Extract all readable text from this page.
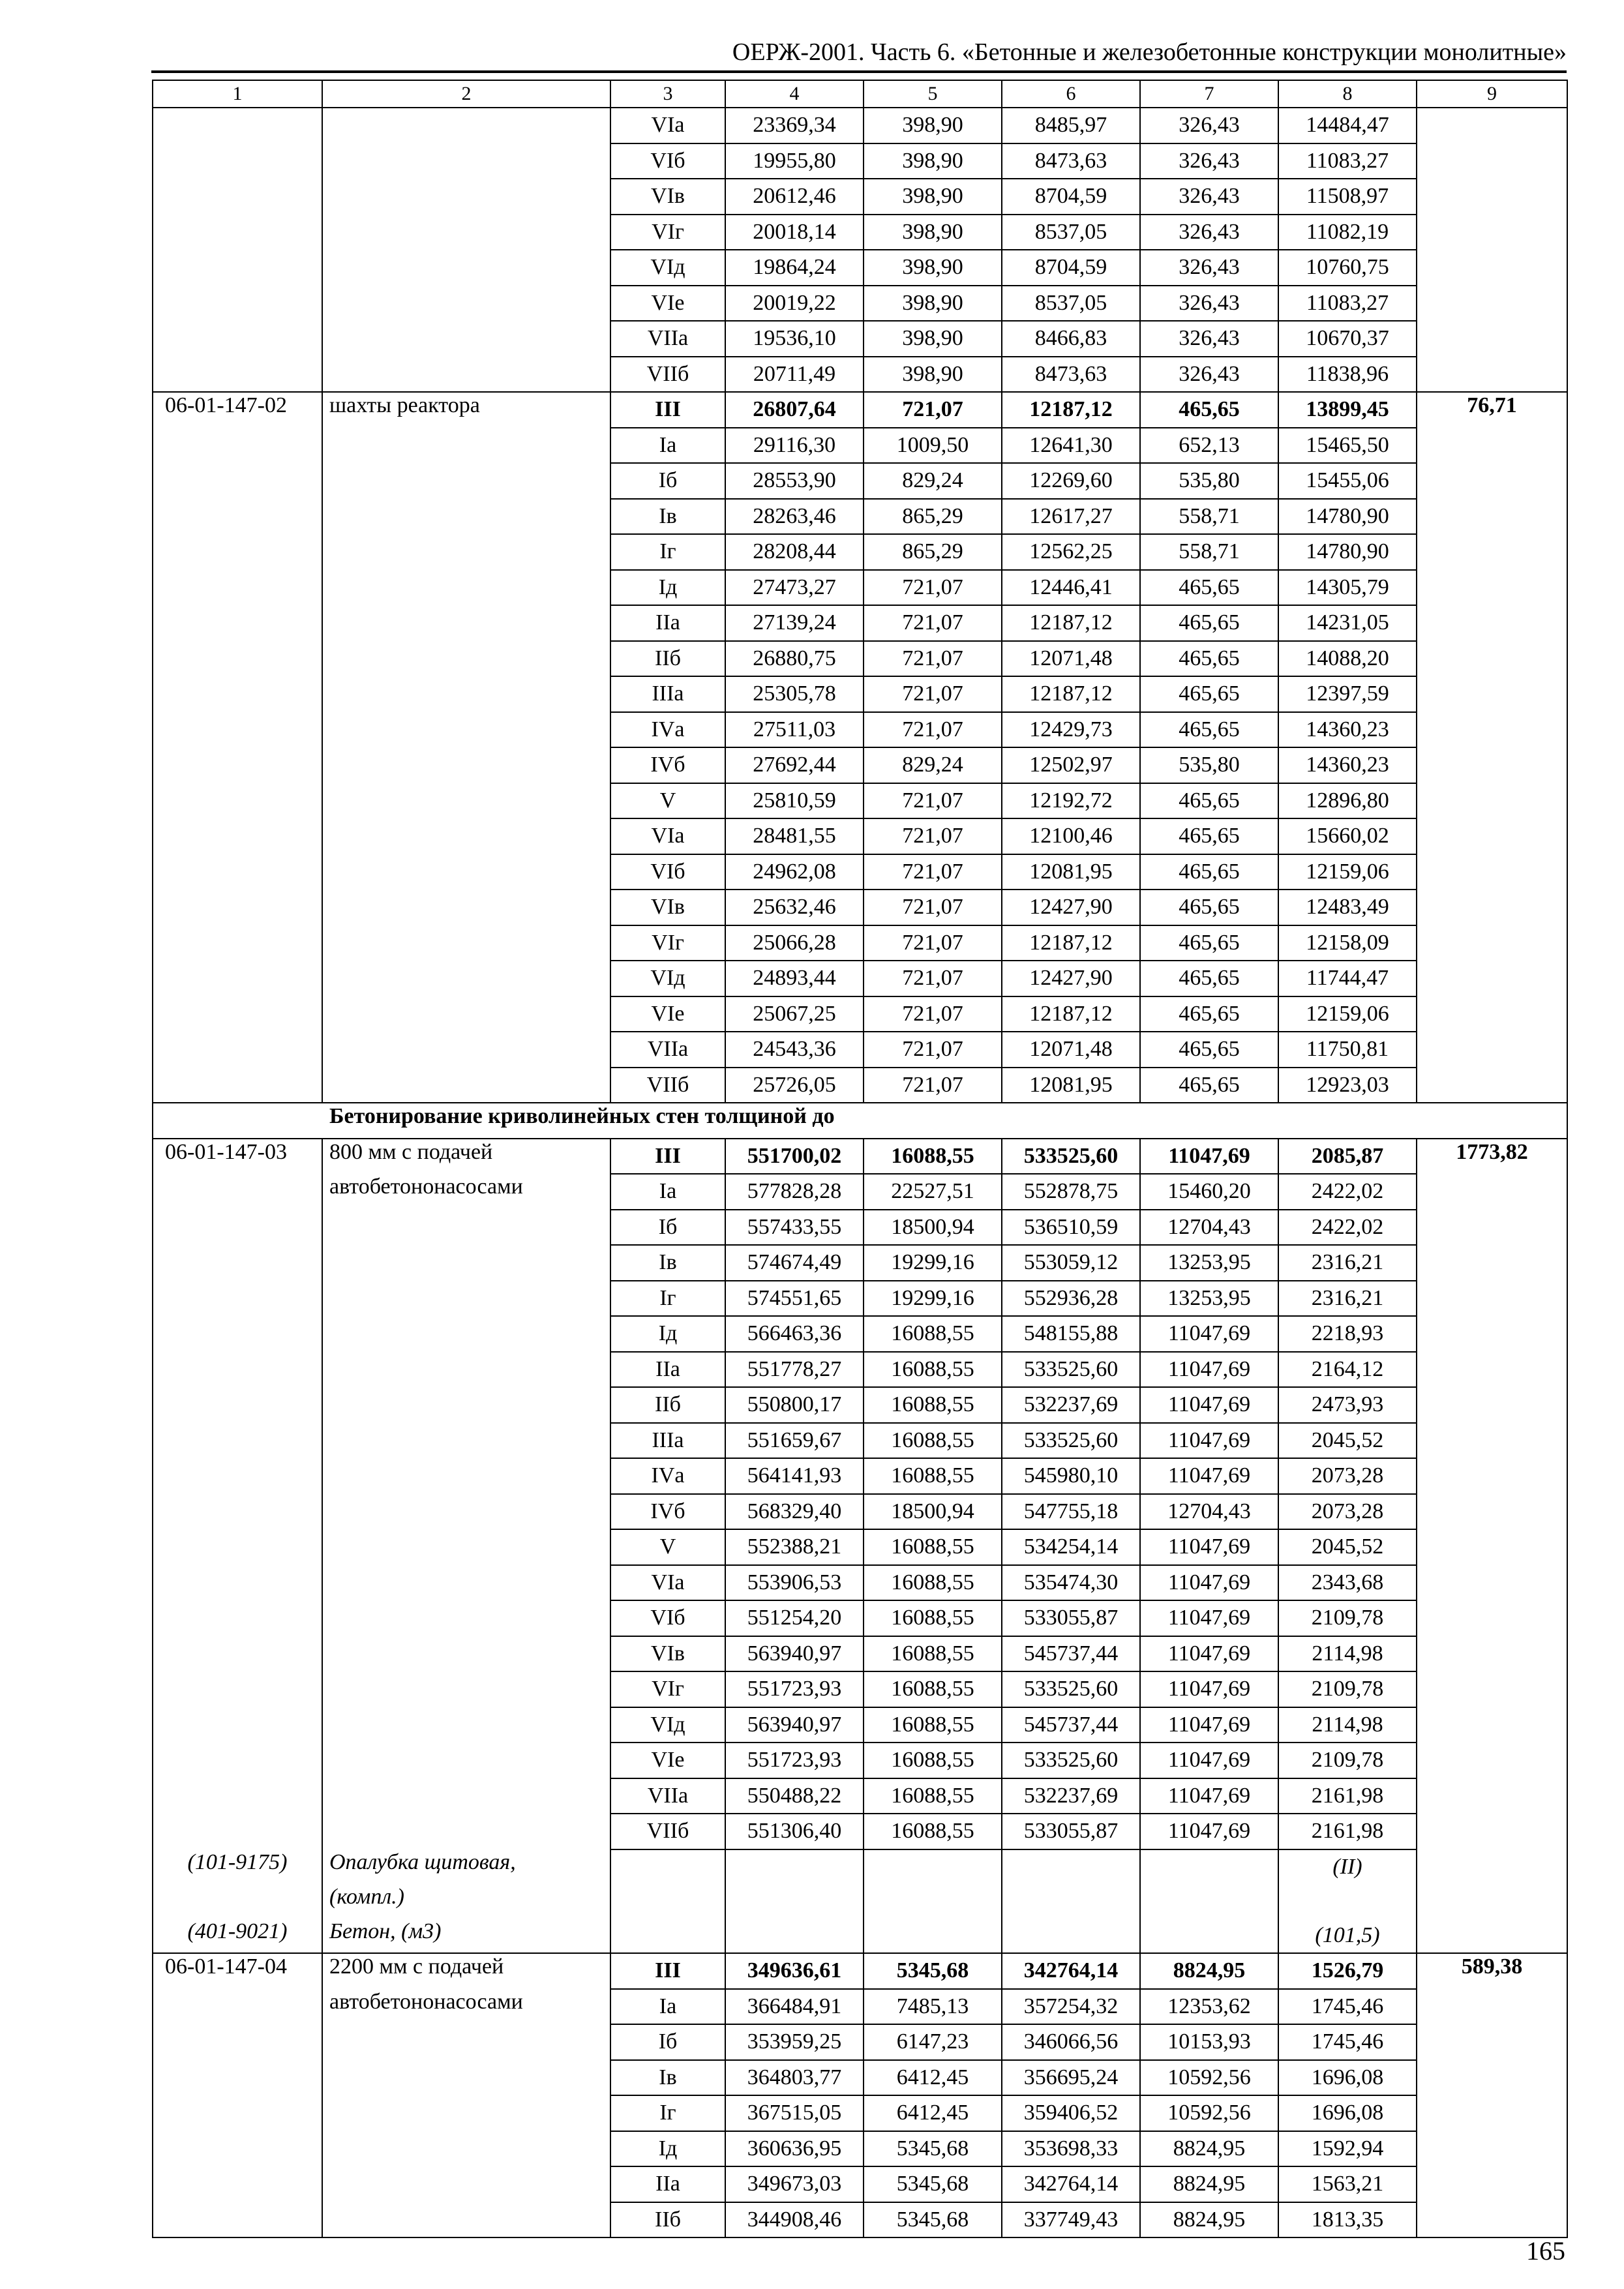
ОЕРЖ-2001. Часть 6. «Бетонные и железобетонные конструкции монолитные»
1	2	3	4	5	6	7	8	9
		VIа	23369,34	398,90	8485,97	326,43	14484,47	
		VIб	19955,80	398,90	8473,63	326,43	11083,27	
		VIв	20612,46	398,90	8704,59	326,43	11508,97	
		VIг	20018,14	398,90	8537,05	326,43	11082,19	
		VIд	19864,24	398,90	8704,59	326,43	10760,75	
		VIе	20019,22	398,90	8537,05	326,43	11083,27	
		VIIа	19536,10	398,90	8466,83	326,43	10670,37	
		VIIб	20711,49	398,90	8473,63	326,43	11838,96	
06-01-147-02	шахты реактора	III	26807,64	721,07	12187,12	465,65	13899,45	76,71
		Iа	29116,30	1009,50	12641,30	652,13	15465,50	
		Iб	28553,90	829,24	12269,60	535,80	15455,06	
		Iв	28263,46	865,29	12617,27	558,71	14780,90	
		Iг	28208,44	865,29	12562,25	558,71	14780,90	
		Iд	27473,27	721,07	12446,41	465,65	14305,79	
		IIа	27139,24	721,07	12187,12	465,65	14231,05	
		IIб	26880,75	721,07	12071,48	465,65	14088,20	
		IIIа	25305,78	721,07	12187,12	465,65	12397,59	
		IVа	27511,03	721,07	12429,73	465,65	14360,23	
		IVб	27692,44	829,24	12502,97	535,80	14360,23	
		V	25810,59	721,07	12192,72	465,65	12896,80	
		VIа	28481,55	721,07	12100,46	465,65	15660,02	
		VIб	24962,08	721,07	12081,95	465,65	12159,06	
		VIв	25632,46	721,07	12427,90	465,65	12483,49	
		VIг	25066,28	721,07	12187,12	465,65	12158,09	
		VIд	24893,44	721,07	12427,90	465,65	11744,47	
		VIе	25067,25	721,07	12187,12	465,65	12159,06	
		VIIа	24543,36	721,07	12071,48	465,65	11750,81	
		VIIб	25726,05	721,07	12081,95	465,65	12923,03	
Бетонирование криволинейных стен толщиной до								
06-01-147-03	800 мм с подачей	III	551700,02	16088,55	533525,60	11047,69	2085,87	1773,82
	автобетононасосами	Iа	577828,28	22527,51	552878,75	15460,20	2422,02	
		Iб	557433,55	18500,94	536510,59	12704,43	2422,02	
		Iв	574674,49	19299,16	553059,12	13253,95	2316,21	
		Iг	574551,65	19299,16	552936,28	13253,95	2316,21	
		Iд	566463,36	16088,55	548155,88	11047,69	2218,93	
		IIа	551778,27	16088,55	533525,60	11047,69	2164,12	
		IIб	550800,17	16088,55	532237,69	11047,69	2473,93	
		IIIа	551659,67	16088,55	533525,60	11047,69	2045,52	
		IVа	564141,93	16088,55	545980,10	11047,69	2073,28	
		IVб	568329,40	18500,94	547755,18	12704,43	2073,28	
		V	552388,21	16088,55	534254,14	11047,69	2045,52	
		VIа	553906,53	16088,55	535474,30	11047,69	2343,68	
		VIб	551254,20	16088,55	533055,87	11047,69	2109,78	
		VIв	563940,97	16088,55	545737,44	11047,69	2114,98	
		VIг	551723,93	16088,55	533525,60	11047,69	2109,78	
		VIд	563940,97	16088,55	545737,44	11047,69	2114,98	
		VIе	551723,93	16088,55	533525,60	11047,69	2109,78	
		VIIа	550488,22	16088,55	532237,69	11047,69	2161,98	
		VIIб	551306,40	16088,55	533055,87	11047,69	2161,98	
(101-9175)	Опалубка щитовая,						(II)	
	(компл.)							
(401-9021)	Бетон, (м3)						(101,5)	
06-01-147-04	2200 мм с подачей	III	349636,61	5345,68	342764,14	8824,95	1526,79	589,38
	автобетононасосами	Iа	366484,91	7485,13	357254,32	12353,62	1745,46	
		Iб	353959,25	6147,23	346066,56	10153,93	1745,46	
		Iв	364803,77	6412,45	356695,24	10592,56	1696,08	
		Iг	367515,05	6412,45	359406,52	10592,56	1696,08	
		Iд	360636,95	5345,68	353698,33	8824,95	1592,94	
		IIа	349673,03	5345,68	342764,14	8824,95	1563,21	
		IIб	344908,46	5345,68	337749,43	8824,95	1813,35	
165
